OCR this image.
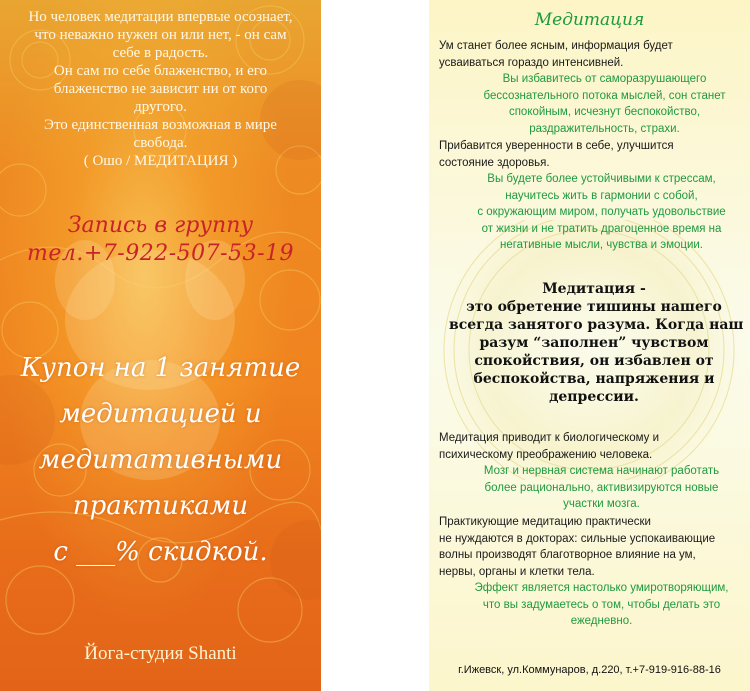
Но человек медитации впервые осознает,
что неважно нужен он или нет, - он сам
себе в радость.
Он сам по себе блаженство, и его
блаженство не зависит ни от кого
другого.
Это единственная возможная в мире
свобода.
( Ошо / МЕДИТАЦИЯ )
Запись в группу
тел.+7-922-507-53-19
Купон на 1 занятие
медитацией и
медитативными
практиками
с ___% скидкой.
Йога-студия Shanti
Медитация
Ум станет более ясным, информация будет
усваиваться гораздо интенсивней.
Вы избавитесь от саморазрушающего
бессознательного потока мыслей, сон станет
спокойным, исчезнут беспокойство,
раздражительность, страхи.
Прибавится уверенности в себе, улучшится
состояние здоровья.
Вы будете более устойчивыми к стрессам,
научитесь жить в гармонии с собой,
с окружающим миром, получать удовольствие
от жизни и не тратить драгоценное время на
негативные мысли, чувства и эмоции.
Медитация -
это обретение тишины нашего
всегда занятого разума. Когда наш
разум “заполнен” чувством
спокойствия, он избавлен от
беспокойства, напряжения и
депрессии.
Медитация приводит к биологическому и
психическому преображению человека.
Мозг и нервная система начинают работать
более рационально, активизируются новые
участки мозга.
Практикующие медитацию практически
не нуждаются в докторах: сильные успокаивающие
волны производят благотворное влияние на ум,
нервы, органы и клетки тела.
Эффект является настолько умиротворяющим,
что вы задумаетесь о том, чтобы делать это
ежедневно.
г.Ижевск, ул.Коммунаров, д.220, т.+7-919-916-88-16
